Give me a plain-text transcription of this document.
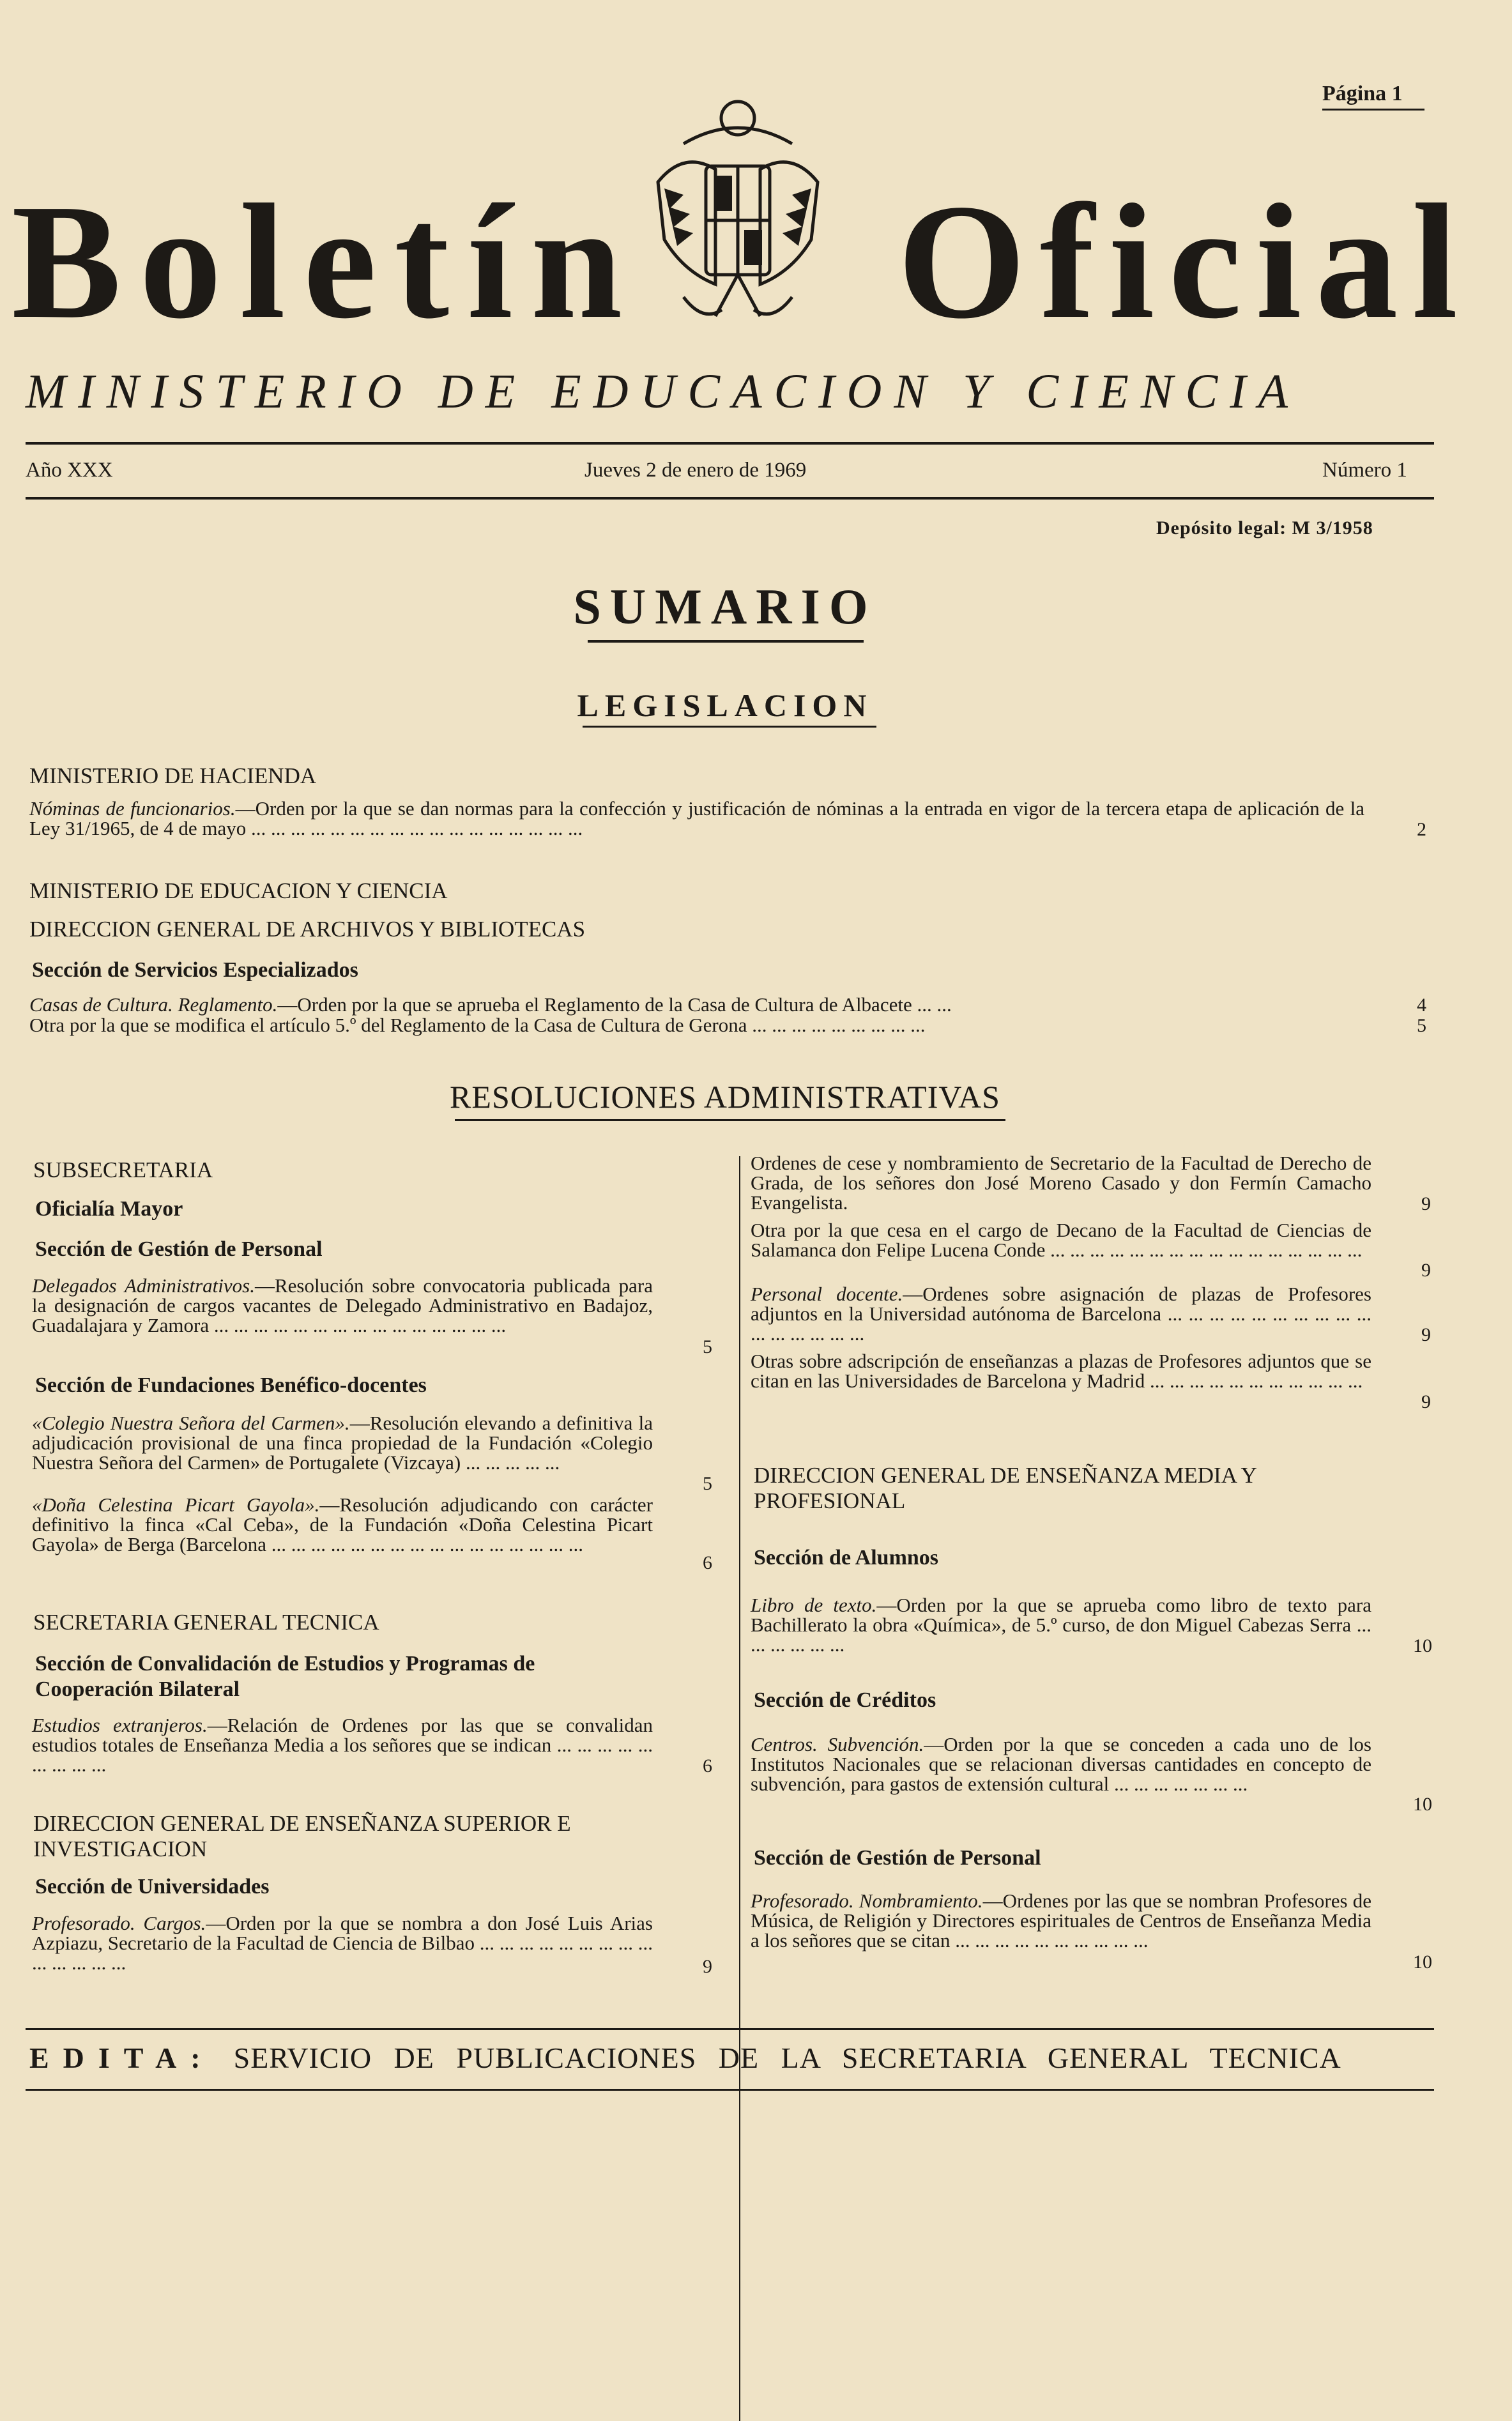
Página 1
Boletín Oficial
MINISTERIO DE EDUCACION Y CIENCIA
Año XXX	Jueves 2 de enero de 1969	Número 1
Depósito legal: M 3/1958
SUMARIO
LEGISLACION
MINISTERIO DE HACIENDA
Nóminas de funcionarios.—Orden por la que se dan normas para la confección y justificación de nóminas a la entrada en vigor de la tercera etapa de aplicación de la Ley 31/1965, de 4 de mayo ... ... ... ... ... ... ... ... ... ... ... ... ... ... ... ... ...	2
MINISTERIO DE EDUCACION Y CIENCIA
DIRECCION GENERAL DE ARCHIVOS Y BIBLIOTECAS
Sección de Servicios Especializados
Casas de Cultura. Reglamento.—Orden por la que se aprueba el Reglamento de la Casa de Cultura de Albacete ... ...	4
Otra por la que se modifica el artículo 5.º del Reglamento de la Casa de Cultura de Gerona ... ... ... ... ... ... ... ... ...	5
RESOLUCIONES ADMINISTRATIVAS
SUBSECRETARIA
Oficialía Mayor
Sección de Gestión de Personal
Delegados Administrativos.—Resolución sobre convocatoria publicada para la designación de cargos vacantes de Delegado Administrativo en Badajoz, Guadalajara y Zamora ... ... ... ... ... ... ... ... ... ... ... ... ... ... ...
5
Sección de Fundaciones Benéfico-docentes
«Colegio Nuestra Señora del Carmen».—Resolución elevando a definitiva la adjudicación provisional de una finca propiedad de la Fundación «Colegio Nuestra Señora del Carmen» de Portugalete (Vizcaya) ... ... ... ... ...
5
«Doña Celestina Picart Gayola».—Resolución adjudicando con carácter definitivo la finca «Cal Ceba», de la Fundación «Doña Celestina Picart Gayola» de Berga (Barcelona ... ... ... ... ... ... ... ... ... ... ... ... ... ... ... ...
6
SECRETARIA GENERAL TECNICA
Sección de Convalidación de Estudios y Programas de Cooperación Bilateral
Estudios extranjeros.—Relación de Ordenes por las que se convalidan estudios totales de Enseñanza Media a los señores que se indican ... ... ... ... ... ... ... ... ...	6
DIRECCION GENERAL DE ENSEÑANZA SUPERIOR E INVESTIGACION
Sección de Universidades
Profesorado. Cargos.—Orden por la que se nombra a don José Luis Arias Azpiazu, Secretario de la Facultad de Ciencia de Bilbao ... ... ... ... ... ... ... ... ... ... ... ... ... ...	9
Ordenes de cese y nombramiento de Secretario de la Facultad de Derecho de Grada, de los señores don José Moreno Casado y don Fermín Camacho Evangelista.	9
Otra por la que cesa en el cargo de Decano de la Facultad de Ciencias de Salamanca don Felipe Lucena Conde ... ... ... ... ... ... ... ... ... ... ... ... ... ... ... ...
9
Personal docente.—Ordenes sobre asignación de plazas de Profesores adjuntos en la Universidad autónoma de Barcelona ... ... ... ... ... ... ... ... ... ... ... ... ... ... ... ...	9
Otras sobre adscripción de enseñanzas a plazas de Profesores adjuntos que se citan en las Universidades de Barcelona y Madrid ... ... ... ... ... ... ... ... ... ... ...
9
DIRECCION GENERAL DE ENSEÑANZA MEDIA Y PROFESIONAL
Sección de Alumnos
Libro de texto.—Orden por la que se aprueba como libro de texto para Bachillerato la obra «Química», de 5.º curso, de don Miguel Cabezas Serra ... ... ... ... ... ...	10
Sección de Créditos
Centros. Subvención.—Orden por la que se conceden a cada uno de los Institutos Nacionales que se relacionan diversas cantidades en concepto de subvención, para gastos de extensión cultural ... ... ... ... ... ... ...
10
Sección de Gestión de Personal
Profesorado. Nombramiento.—Ordenes por las que se nombran Profesores de Música, de Religión y Directores espirituales de Centros de Enseñanza Media a los señores que se citan ... ... ... ... ... ... ... ... ... ...
10
EDITA: SERVICIO DE PUBLICACIONES DE LA SECRETARIA GENERAL TECNICA
